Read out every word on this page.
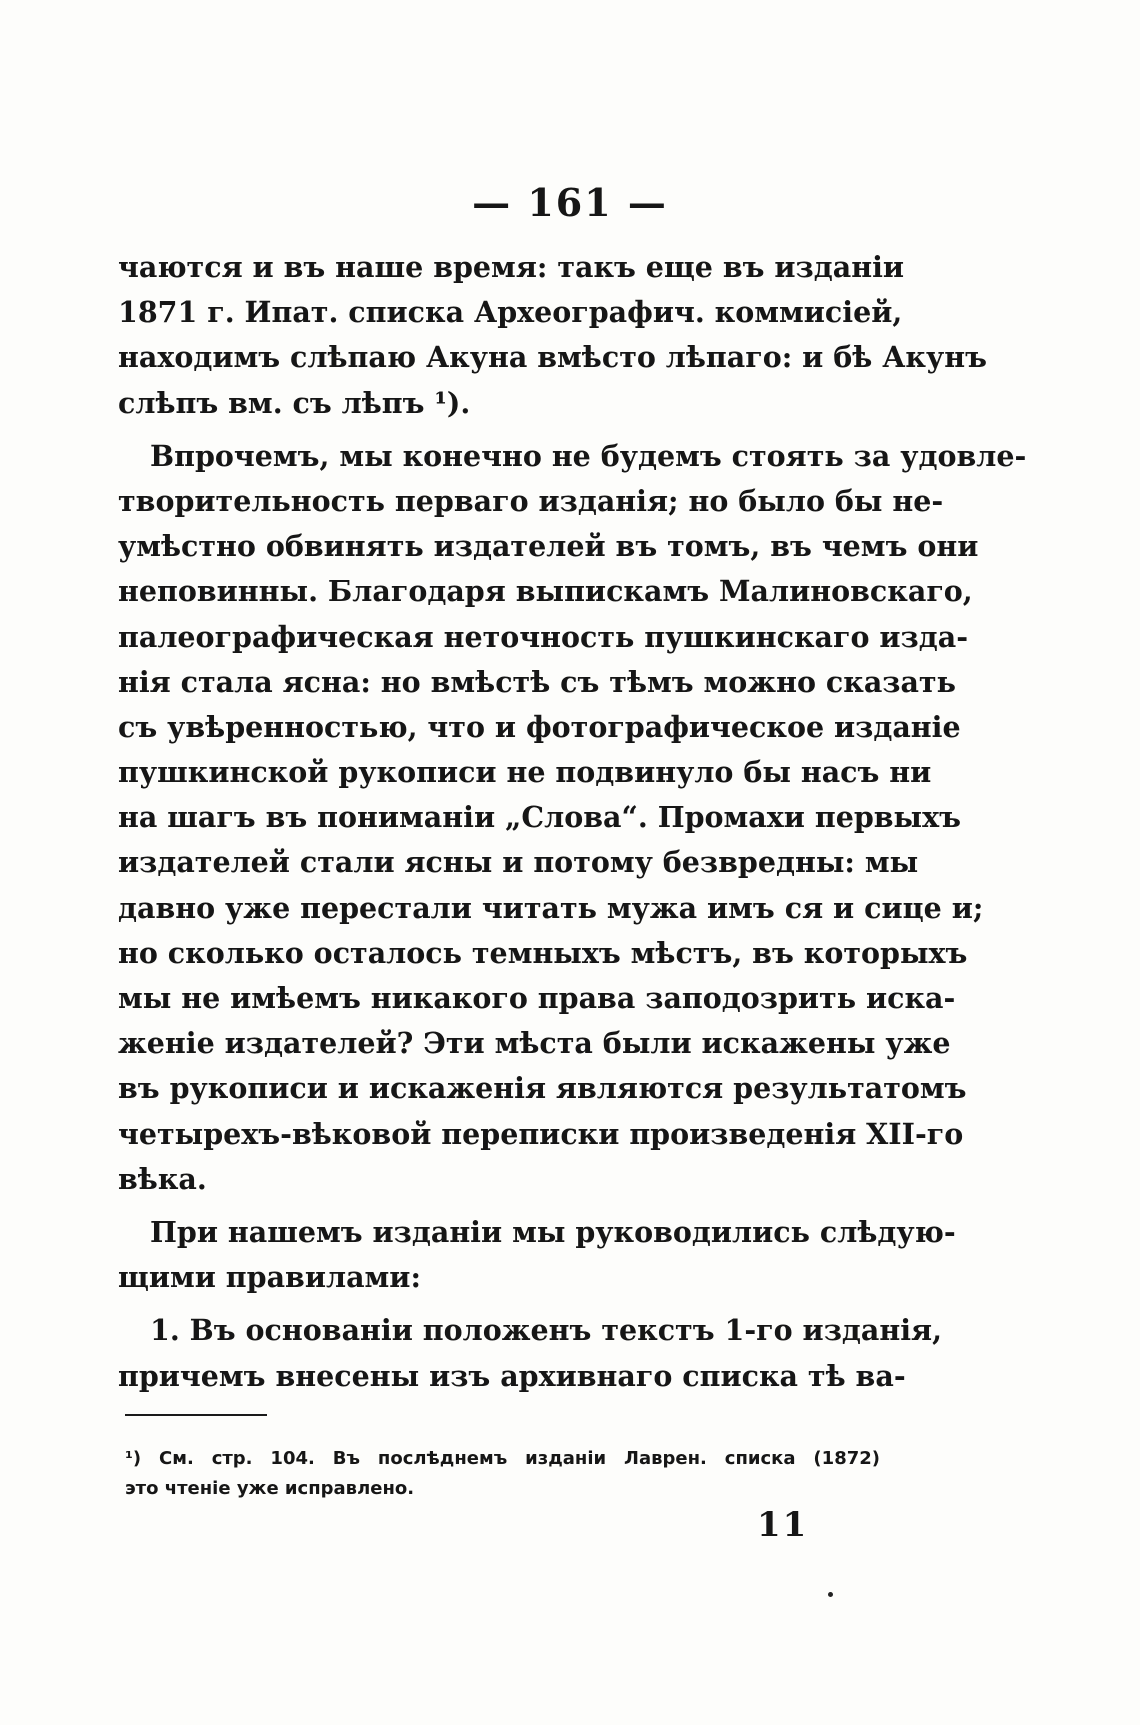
— 161 —
чаются и въ наше время: такъ еще въ изданіи
1871 г. Ипат. списка Археографич. коммисіей,
находимъ слѣпаю Акуна вмѣсто лѣпаго: и бѣ Акунъ
слѣпъ вм. съ лѣпъ ¹).
Впрочемъ, мы конечно не будемъ стоять за удовле-
творительность перваго изданія; но было бы не-
умѣстно обвинять издателей въ томъ, въ чемъ они
неповинны. Благодаря выпискамъ Малиновскаго,
палеографическая неточность пушкинскаго изда-
нія стала ясна: но вмѣстѣ съ тѣмъ можно сказать
съ увѣренностью, что и фотографическое изданіе
пушкинской рукописи не подвинуло бы насъ ни
на шагъ въ пониманіи „Слова“. Промахи первыхъ
издателей стали ясны и потому безвредны: мы
давно уже перестали читать мужа имъ ся и сице и;
но сколько осталось темныхъ мѣстъ, въ которыхъ
мы не имѣемъ никакого права заподозрить иска-
женіе издателей? Эти мѣста были искажены уже
въ рукописи и искаженія являются результатомъ
четырехъ-вѣковой переписки произведенія XII-го
вѣка.
При нашемъ изданіи мы руководились слѣдую-
щими правилами:
1. Въ основаніи положенъ текстъ 1-го изданія,
причемъ внесены изъ архивнаго списка тѣ ва-
¹) См. стр. 104. Въ послѣднемъ изданіи Лаврен. списка (1872)
это чтеніе уже исправлено.
11
